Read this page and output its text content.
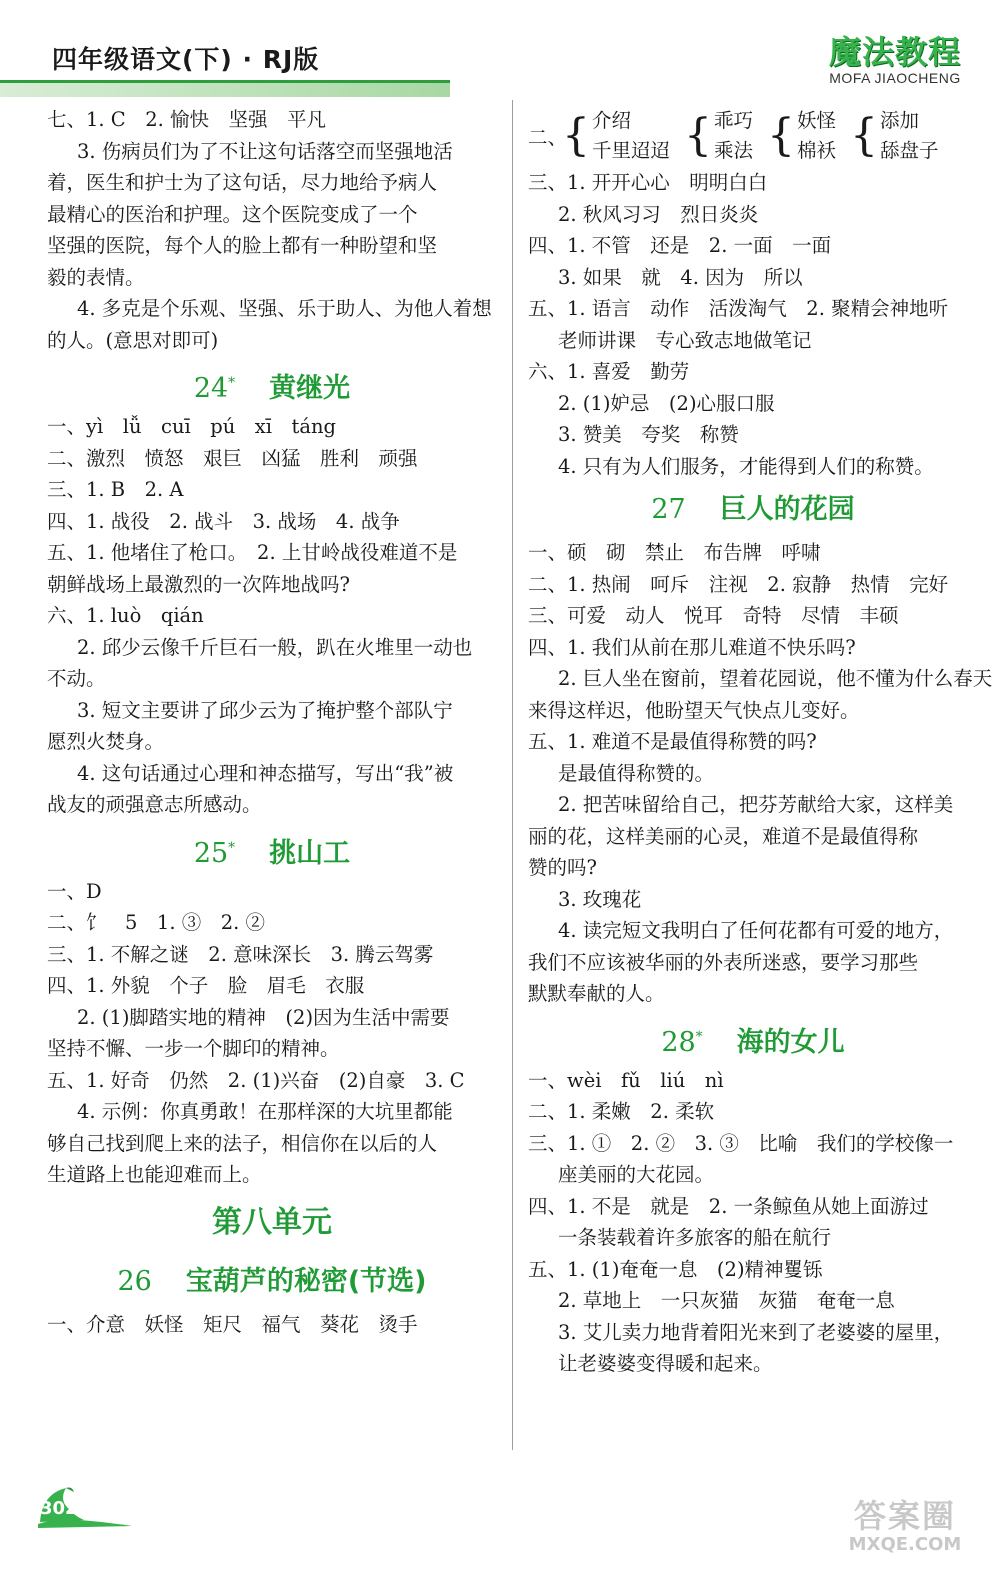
四年级语文(下) · RJ版	魔法教程
MOFA JIAOCHENG
七、1. C　2. 愉快　坚强　平凡
3. 伤病员们为了不让这句话落空而坚强地活
着，医生和护士为了这句话，尽力地给予病人
最精心的医治和护理。这个医院变成了一个
坚强的医院，每个人的脸上都有一种盼望和坚
毅的表情。
4. 多克是个乐观、坚强、乐于助人、为他人着想
的人。(意思对即可)
24* 黄继光
一、yì　lǚ　cuī　pú　xī　táng
二、激烈　愤怒　艰巨　凶猛　胜利　顽强
三、1. B　2. A
四、1. 战役　2. 战斗　3. 战场　4. 战争
五、1. 他堵住了枪口。　2. 上甘岭战役难道不是
朝鲜战场上最激烈的一次阵地战吗?
六、1. luò　qián
2. 邱少云像千斤巨石一般，趴在火堆里一动也
不动。
3. 短文主要讲了邱少云为了掩护整个部队宁
愿烈火焚身。
4. 这句话通过心理和神态描写，写出“我”被
战友的顽强意志所感动。
25* 挑山工
一、D
二、饣　5　1. ③　2. ②
三、1. 不解之谜　2. 意味深长　3. 腾云驾雾
四、1. 外貌　个子　脸　眉毛　衣服
2. (1)脚踏实地的精神　(2)因为生活中需要
坚持不懈、一步一个脚印的精神。
五、1. 好奇　仍然　2. (1)兴奋　(2)自豪　3. C
4. 示例：你真勇敢！在那样深的大坑里都能
够自己找到爬上来的法子，相信你在以后的人
生道路上也能迎难而上。
第八单元
26 宝葫芦的秘密(节选)
一、介意　妖怪　矩尺　福气　葵花　烫手
二、
{ 介绍
千里迢迢 { 乖巧
乘法 { 妖怪
棉袄 { 添加
舔盘子
三、1. 开开心心　明明白白
2. 秋风习习　烈日炎炎
四、1. 不管　还是　2. 一面　一面
3. 如果　就　4. 因为　所以
五、1. 语言　动作　活泼淘气　2. 聚精会神地听
老师讲课　专心致志地做笔记
六、1. 喜爱　勤劳
2. (1)妒忌　(2)心服口服
3. 赞美　夸奖　称赞
4. 只有为人们服务，才能得到人们的称赞。
27 巨人的花园
一、硕　砌　禁止　布告牌　呼啸
二、1. 热闹　呵斥　注视　2. 寂静　热情　完好
三、可爱　动人　悦耳　奇特　尽情　丰硕
四、1. 我们从前在那儿难道不快乐吗?
2. 巨人坐在窗前，望着花园说，他不懂为什么春天
来得这样迟，他盼望天气快点儿变好。
五、1. 难道不是最值得称赞的吗?
是最值得称赞的。
2. 把苦味留给自己，把芬芳献给大家，这样美
丽的花，这样美丽的心灵，难道不是最值得称
赞的吗?
3. 玫瑰花
4. 读完短文我明白了任何花都有可爱的地方，
我们不应该被华丽的外表所迷惑，要学习那些
默默奉献的人。
28* 海的女儿
一、wèi　fǔ　liú　nì
二、1. 柔嫩　2. 柔软
三、1. ①　2. ②　3. ③　比喻　我们的学校像一
座美丽的大花园。
四、1. 不是　就是　2. 一条鲸鱼从她上面游过
一条装载着许多旅客的船在航行
五、1. (1)奄奄一息　(2)精神矍铄
2. 草地上　一只灰猫　灰猫　奄奄一息
3. 艾儿卖力地背着阳光来到了老婆婆的屋里，
让老婆婆变得暖和起来。
302	答案圈
MXQE.COM
